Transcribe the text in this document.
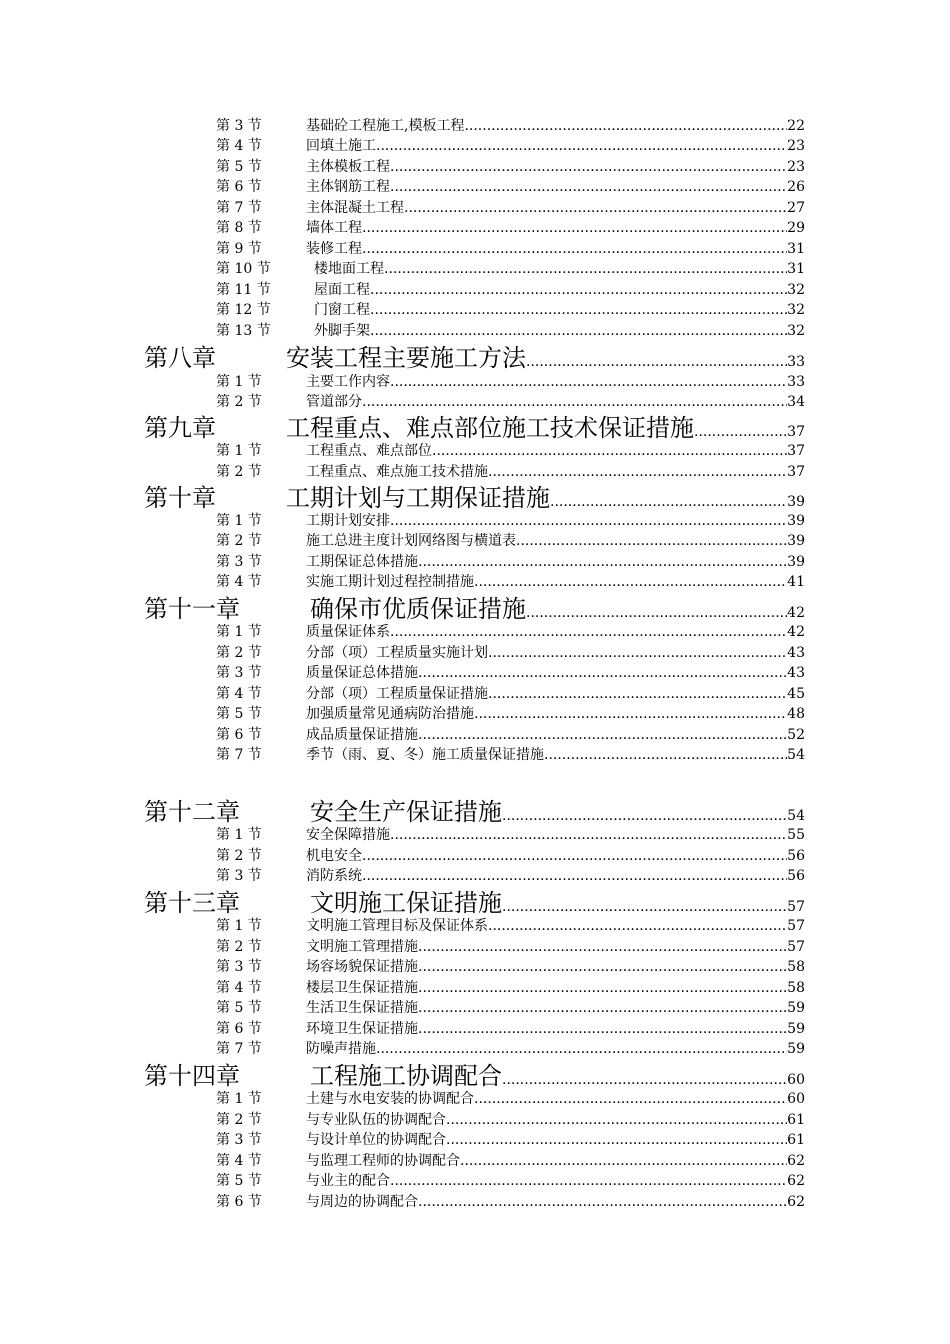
第 3 节	基础砼工程施工,模板工程 .....	22
第 4 节	回填土施工 .....	23
第 5 节	主体模板工程 .....	23
第 6 节	主体钢筋工程 .....	26
第 7 节	主体混凝土工程 .....	27
第 8 节	墙体工程 .....	29
第 9 节	装修工程 .....	31
第 10 节	楼地面工程 .....	31
第 11 节	屋面工程 .....	32
第 12 节	门窗工程 .....	32
第 13 节	外脚手架 .....	32
第八章	安装工程主要施工方法 .....	33
第 1 节	主要工作内容 .....	33
第 2 节	管道部分 .....	34
第九章	工程重点、难点部位施工技术保证措施 .....	37
第 1 节	工程重点、难点部位 .....	37
第 2 节	工程重点、难点施工技术措施 .....	37
第十章	工期计划与工期保证措施 .....	39
第 1 节	工期计划安排 .....	39
第 2 节	施工总进主度计划网络图与横道表 .....	39
第 3 节	工期保证总体措施 .....	39
第 4 节	实施工期计划过程控制措施 .....	41
第十一章	确保市优质保证措施 .....	42
第 1 节	质量保证体系 .....	42
第 2 节	分部（项）工程质量实施计划 .....	43
第 3 节	质量保证总体措施 .....	43
第 4 节	分部（项）工程质量保证措施 .....	45
第 5 节	加强质量常见通病防治措施 .....	48
第 6 节	成品质量保证措施 .....	52
第 7 节	季节（雨、夏、冬）施工质量保证措施 .....	54
第十二章	安全生产保证措施 .....	54
第 1 节	安全保障措施 .....	55
第 2 节	机电安全 .....	56
第 3 节	消防系统 .....	56
第十三章	文明施工保证措施 .....	57
第 1 节	文明施工管理目标及保证体系 .....	57
第 2 节	文明施工管理措施 .....	57
第 3 节	场容场貌保证措施 .....	58
第 4 节	楼层卫生保证措施 .....	58
第 5 节	生活卫生保证措施 .....	59
第 6 节	环境卫生保证措施 .....	59
第 7 节	防噪声措施 .....	59
第十四章	工程施工协调配合 .....	60
第 1 节	土建与水电安装的协调配合 .....	60
第 2 节	与专业队伍的协调配合 .....	61
第 3 节	与设计单位的协调配合 .....	61
第 4 节	与监理工程师的协调配合 .....	62
第 5 节	与业主的配合 .....	62
第 6 节	与周边的协调配合 .....	62
